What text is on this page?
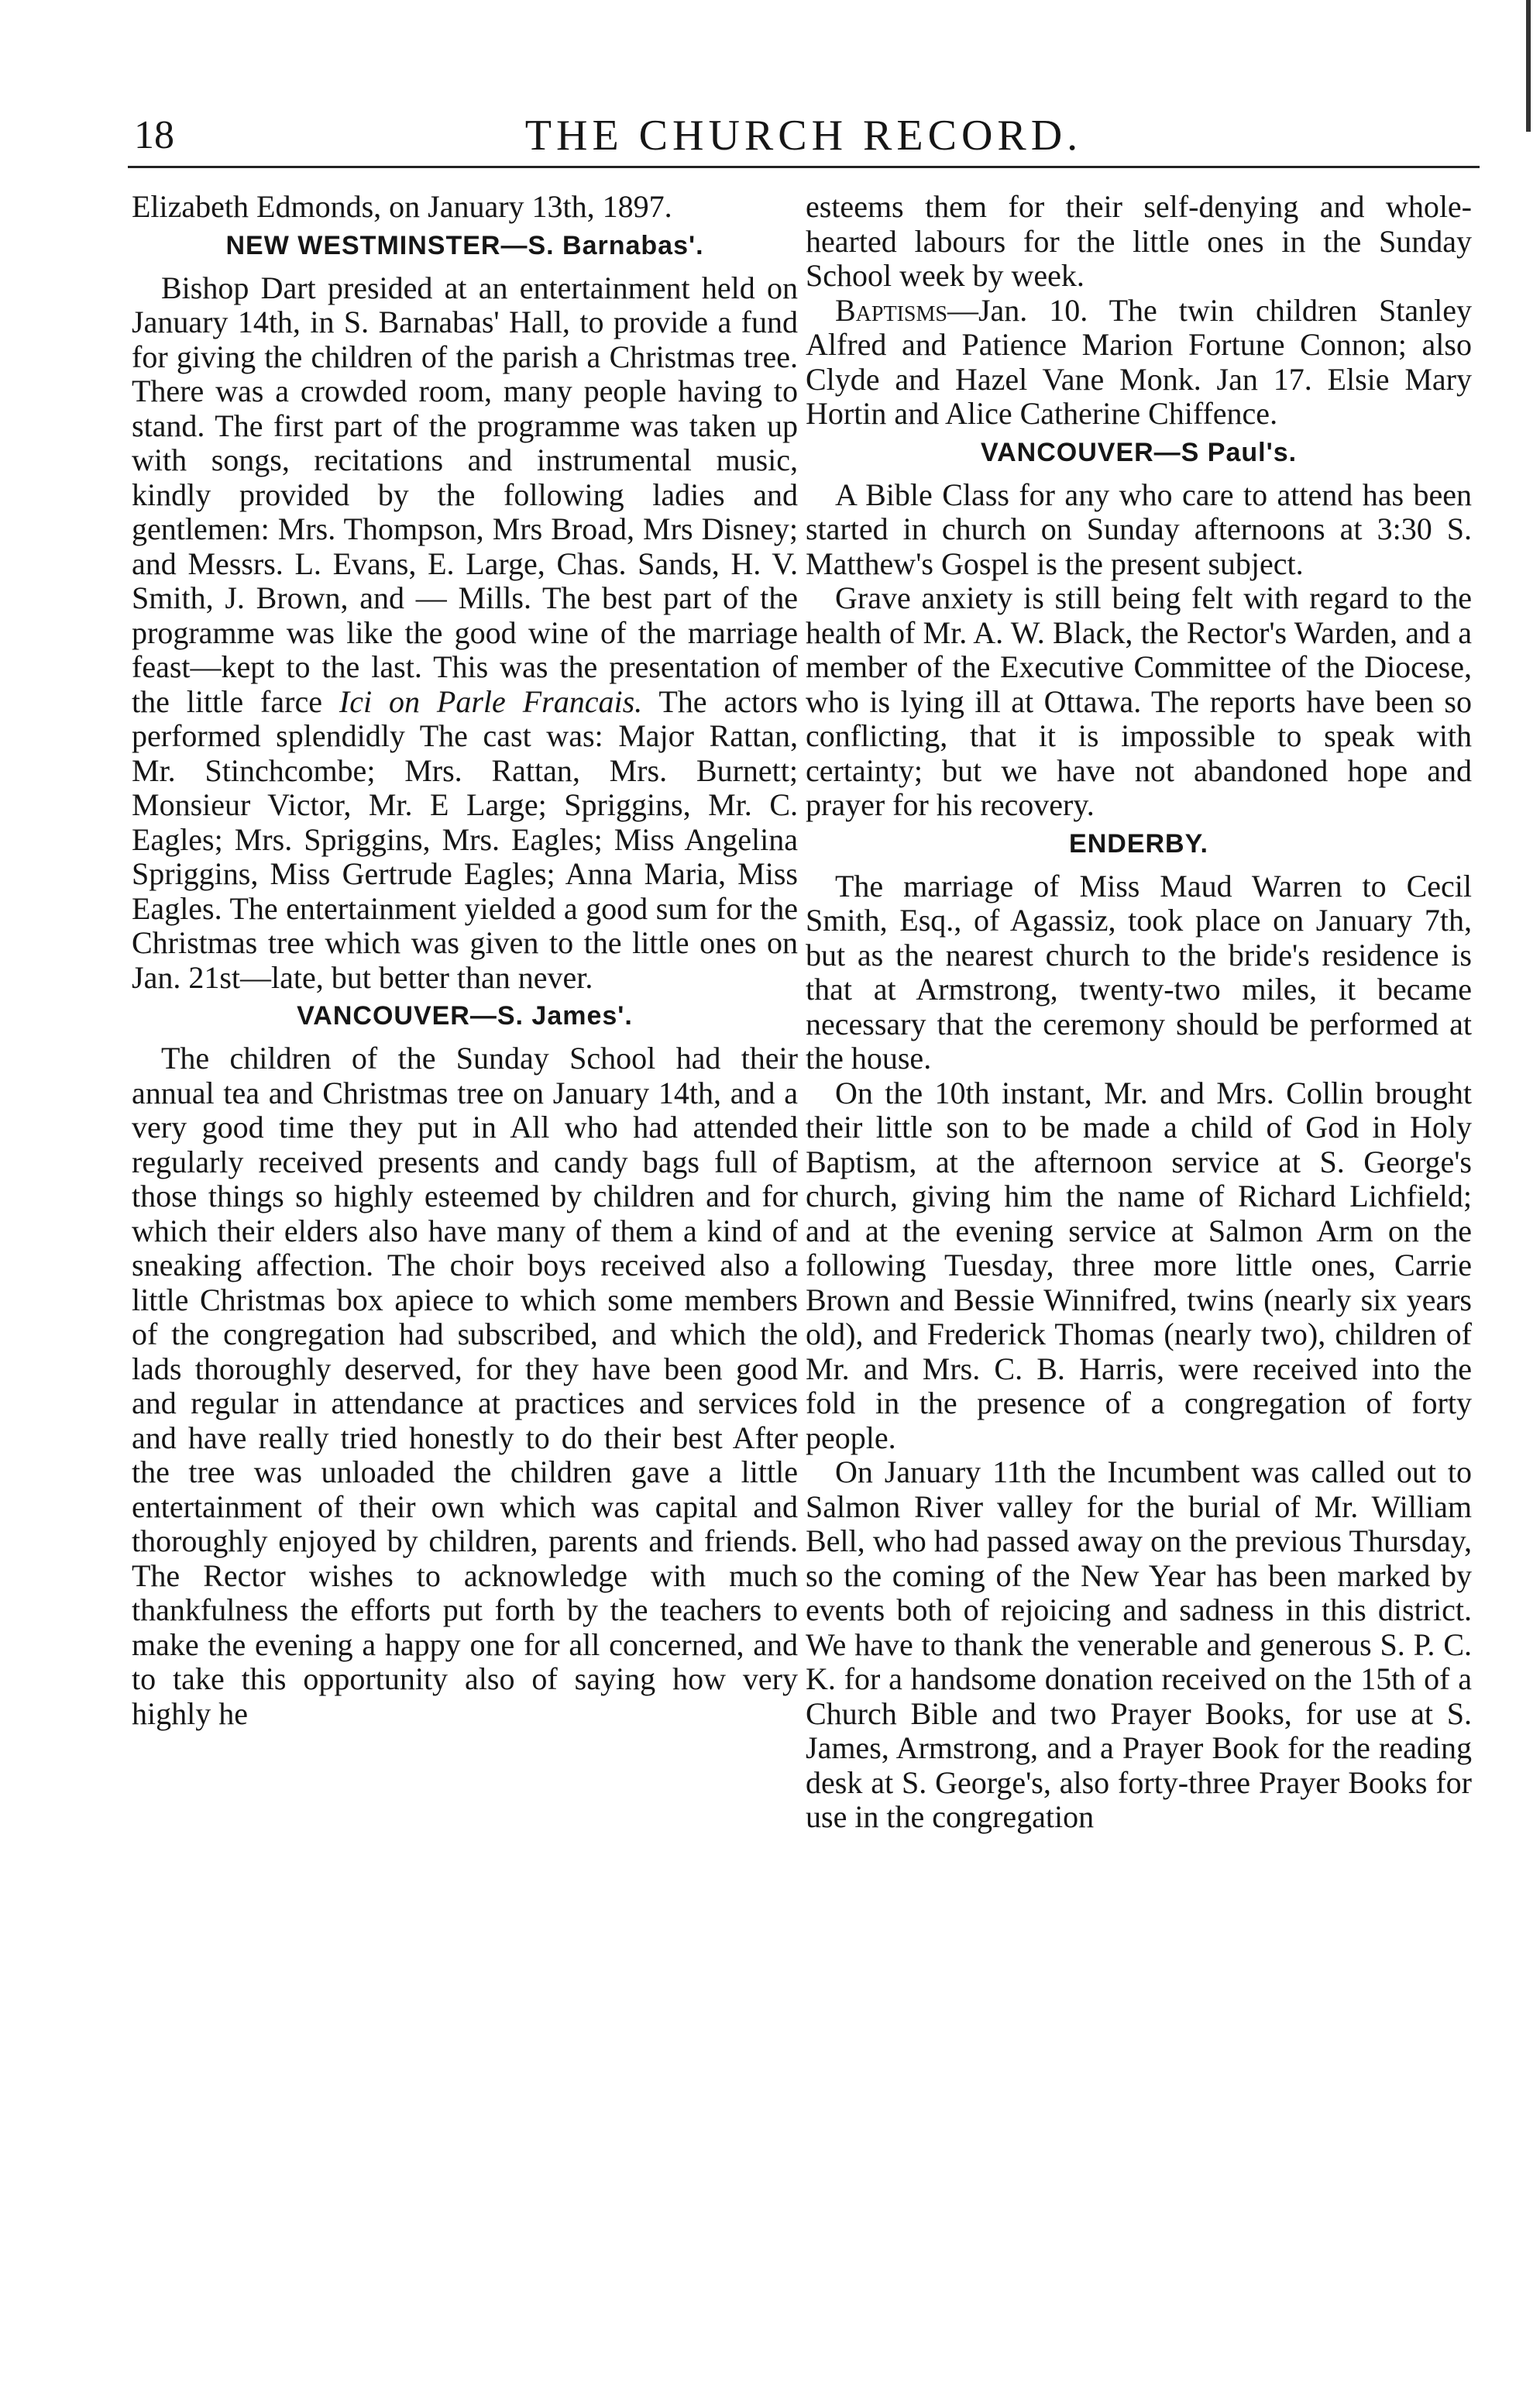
18	THE CHURCH RECORD.

Elizabeth Edmonds, on January 13th, 1897.

NEW WESTMINSTER—S. Barnabas'.

Bishop Dart presided at an entertainment held on January 14th, in S. Barnabas' Hall, to provide a fund for giving the children of the parish a Christmas tree. There was a crowded room, many people having to stand. The first part of the programme was taken up with songs, recitations and instrumental music, kindly provided by the following ladies and gentlemen: Mrs. Thompson, Mrs Broad, Mrs Disney; and Messrs. L. Evans, E. Large, Chas. Sands, H. V. Smith, J. Brown, and — Mills. The best part of the programme was like the good wine of the marriage feast—kept to the last. This was the presentation of the little farce Ici on Parle Francais. The actors performed splendidly The cast was: Major Rattan, Mr. Stinchcombe; Mrs. Rattan, Mrs. Burnett; Monsieur Victor, Mr. E Large; Spriggins, Mr. C. Eagles; Mrs. Spriggins, Mrs. Eagles; Miss Angelina Spriggins, Miss Gertrude Eagles; Anna Maria, Miss Eagles. The entertainment yielded a good sum for the Christmas tree which was given to the little ones on Jan. 21st—late, but better than never.

VANCOUVER—S. James'.

The children of the Sunday School had their annual tea and Christmas tree on January 14th, and a very good time they put in All who had attended regularly received presents and candy bags full of those things so highly esteemed by children and for which their elders also have many of them a kind of sneaking affection. The choir boys received also a little Christmas box apiece to which some members of the congregation had subscribed, and which the lads thoroughly deserved, for they have been good and regular in attendance at practices and services and have really tried honestly to do their best After the tree was unloaded the children gave a little entertainment of their own which was capital and thoroughly enjoyed by children, parents and friends. The Rector wishes to acknowledge with much thankfulness the efforts put forth by the teachers to make the evening a happy one for all concerned, and to take this opportunity also of saying how very highly he

esteems them for their self-denying and whole-hearted labours for the little ones in the Sunday School week by week.

Baptisms—Jan. 10. The twin children Stanley Alfred and Patience Marion Fortune Connon; also Clyde and Hazel Vane Monk. Jan 17. Elsie Mary Hortin and Alice Catherine Chiffence.

VANCOUVER—S Paul's.

A Bible Class for any who care to attend has been started in church on Sunday afternoons at 3:30 S. Matthew's Gospel is the present subject.

Grave anxiety is still being felt with regard to the health of Mr. A. W. Black, the Rector's Warden, and a member of the Executive Committee of the Diocese, who is lying ill at Ottawa. The reports have been so conflicting, that it is impossible to speak with certainty; but we have not abandoned hope and prayer for his recovery.

ENDERBY.

The marriage of Miss Maud Warren to Cecil Smith, Esq., of Agassiz, took place on January 7th, but as the nearest church to the bride's residence is that at Armstrong, twenty-two miles, it became necessary that the ceremony should be performed at the house.

On the 10th instant, Mr. and Mrs. Collin brought their little son to be made a child of God in Holy Baptism, at the afternoon service at S. George's church, giving him the name of Richard Lichfield; and at the evening service at Salmon Arm on the following Tuesday, three more little ones, Carrie Brown and Bessie Winnifred, twins (nearly six years old), and Frederick Thomas (nearly two), children of Mr. and Mrs. C. B. Harris, were received into the fold in the presence of a congregation of forty people.

On January 11th the Incumbent was called out to Salmon River valley for the burial of Mr. William Bell, who had passed away on the previous Thursday, so the coming of the New Year has been marked by events both of rejoicing and sadness in this district. We have to thank the venerable and generous S. P. C. K. for a handsome donation received on the 15th of a Church Bible and two Prayer Books, for use at S. James, Armstrong, and a Prayer Book for the reading desk at S. George's, also forty-three Prayer Books for use in the congregation
